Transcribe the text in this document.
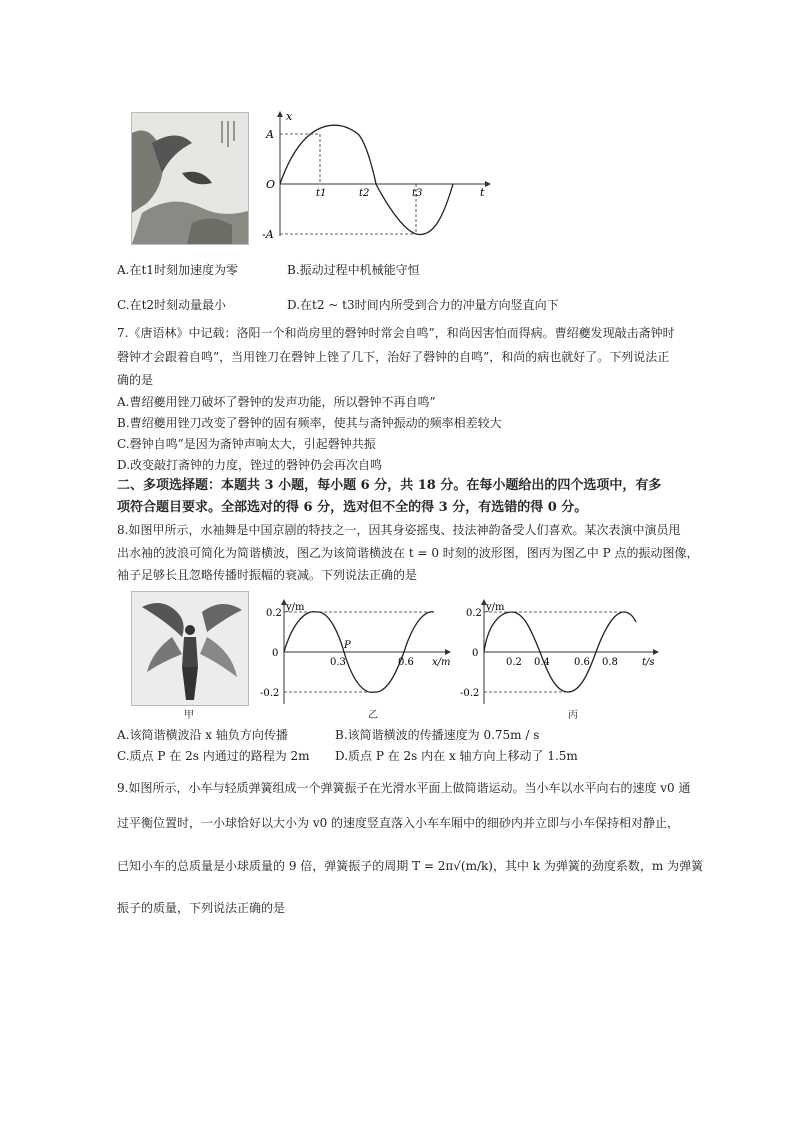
x
A
O
-A
t1	t2	t3	t
A.在t1时刻加速度为零	B.振动过程中机械能守恒
C.在t2时刻动量最小	D.在t2 ~ t3时间内所受到合力的冲量方向竖直向下
7.《唐语林》中记载：洛阳一个和尚房里的磬钟时常会自鸣”，和尚因害怕而得病。曹绍夔发现敲击斋钟时
磬钟才会跟着自鸣”，当用锉刀在磬钟上锉了几下，治好了磬钟的自鸣”，和尚的病也就好了。下列说法正
确的是
A.曹绍夔用锉刀破坏了磬钟的发声功能，所以磬钟不再自鸣”
B.曹绍夔用锉刀改变了磬钟的固有频率，使其与斋钟振动的频率相差较大
C.磬钟自鸣”是因为斋钟声响太大，引起磬钟共振
D.改变敲打斋钟的力度，锉过的磬钟仍会再次自鸣
二、多项选择题：本题共 3 小题，每小题 6 分，共 18 分。在每小题给出的四个选项中，有多
项符合题目要求。全部选对的得 6 分，选对但不全的得 3 分，有选错的得 0 分。
8.如图甲所示，水袖舞是中国京剧的特技之一，因其身姿摇曳、技法神韵备受人们喜欢。某次表演中演员甩
出水袖的波浪可简化为简谐横波，图乙为该简谐横波在 t = 0 时刻的波形图，图丙为图乙中 P 点的振动图像，
袖子足够长且忽略传播时振幅的衰减。下列说法正确的是
甲
y/m
0.2
0
-0.2
P
0.3	0.6 x/m
乙
y/m
0.2
0
-0.2
0.2 0.4 0.6 0.8 t/s
丙
A.该简谐横波沿 x 轴负方向传播	B.该简谐横波的传播速度为 0.75m / s
C.质点 P 在 2s 内通过的路程为 2m D.质点 P 在 2s 内在 x 轴方向上移动了 1.5m
9.如图所示，小车与轻质弹簧组成一个弹簧振子在光滑水平面上做简谐运动。当小车以水平向右的速度 v0 通
过平衡位置时，一小球恰好以大小为 v0 的速度竖直落入小车车厢中的细砂内并立即与小车保持相对静止，
已知小车的总质量是小球质量的 9 倍，弹簧振子的周期 T = 2π√(m/k)，其中 k 为弹簧的劲度系数，m 为弹簧
振子的质量，下列说法正确的是
